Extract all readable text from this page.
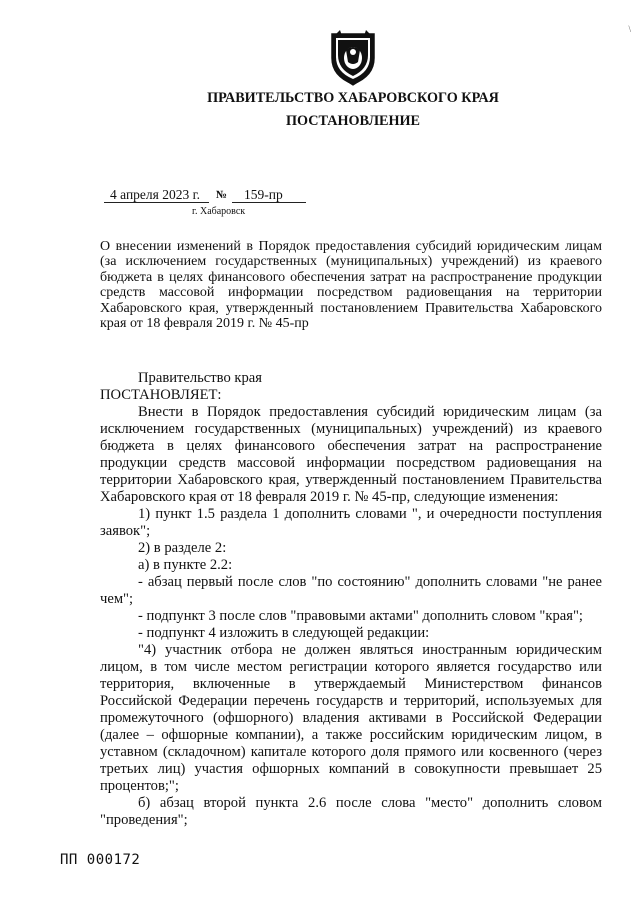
ПРАВИТЕЛЬСТВО ХАБАРОВСКОГО КРАЯ
ПОСТАНОВЛЕНИЕ
4 апреля 2023 г. № 159-пр
г. Хабаровск
О внесении изменений в Порядок предоставления субсидий юридическим лицам (за исключением государственных (муниципальных) учреждений) из краевого бюджета в целях финансового обеспечения затрат на распространение продукции средств массовой информации посредством радиовещания на территории Хабаровского края, утвержденный постановлением Правительства Хабаровского края от 18 февраля 2019 г. № 45-пр

Правительство края

ПОСТАНОВЛЯЕТ:

Внести в Порядок предоставления субсидий юридическим лицам (за исключением государственных (муниципальных) учреждений) из краевого бюджета в целях финансового обеспечения затрат на распространение продукции средств массовой информации посредством радиовещания на территории Хабаровского края, утвержденный постановлением Правительства Хабаровского края от 18 февраля 2019 г. № 45-пр, следующие изменения:

1) пункт 1.5 раздела 1 дополнить словами ", и очередности поступления заявок";

2) в разделе 2:

а) в пункте 2.2:

- абзац первый после слов "по состоянию" дополнить словами "не ранее чем";

- подпункт 3 после слов "правовыми актами" дополнить словом "края";

- подпункт 4 изложить в следующей редакции:

"4) участник отбора не должен являться иностранным юридическим лицом, в том числе местом регистрации которого является государство или территория, включенные в утверждаемый Министерством финансов Российской Федерации перечень государств и территорий, используемых для промежуточного (офшорного) владения активами в Российской Федерации (далее – офшорные компании), а также российским юридическим лицом, в уставном (складочном) капитале которого доля прямого или косвенного (через третьих лиц) участия офшорных компаний в совокупности превышает 25 процентов;";

б) абзац второй пункта 2.6 после слова "место" дополнить словом "проведения";

ПП 000172
\
